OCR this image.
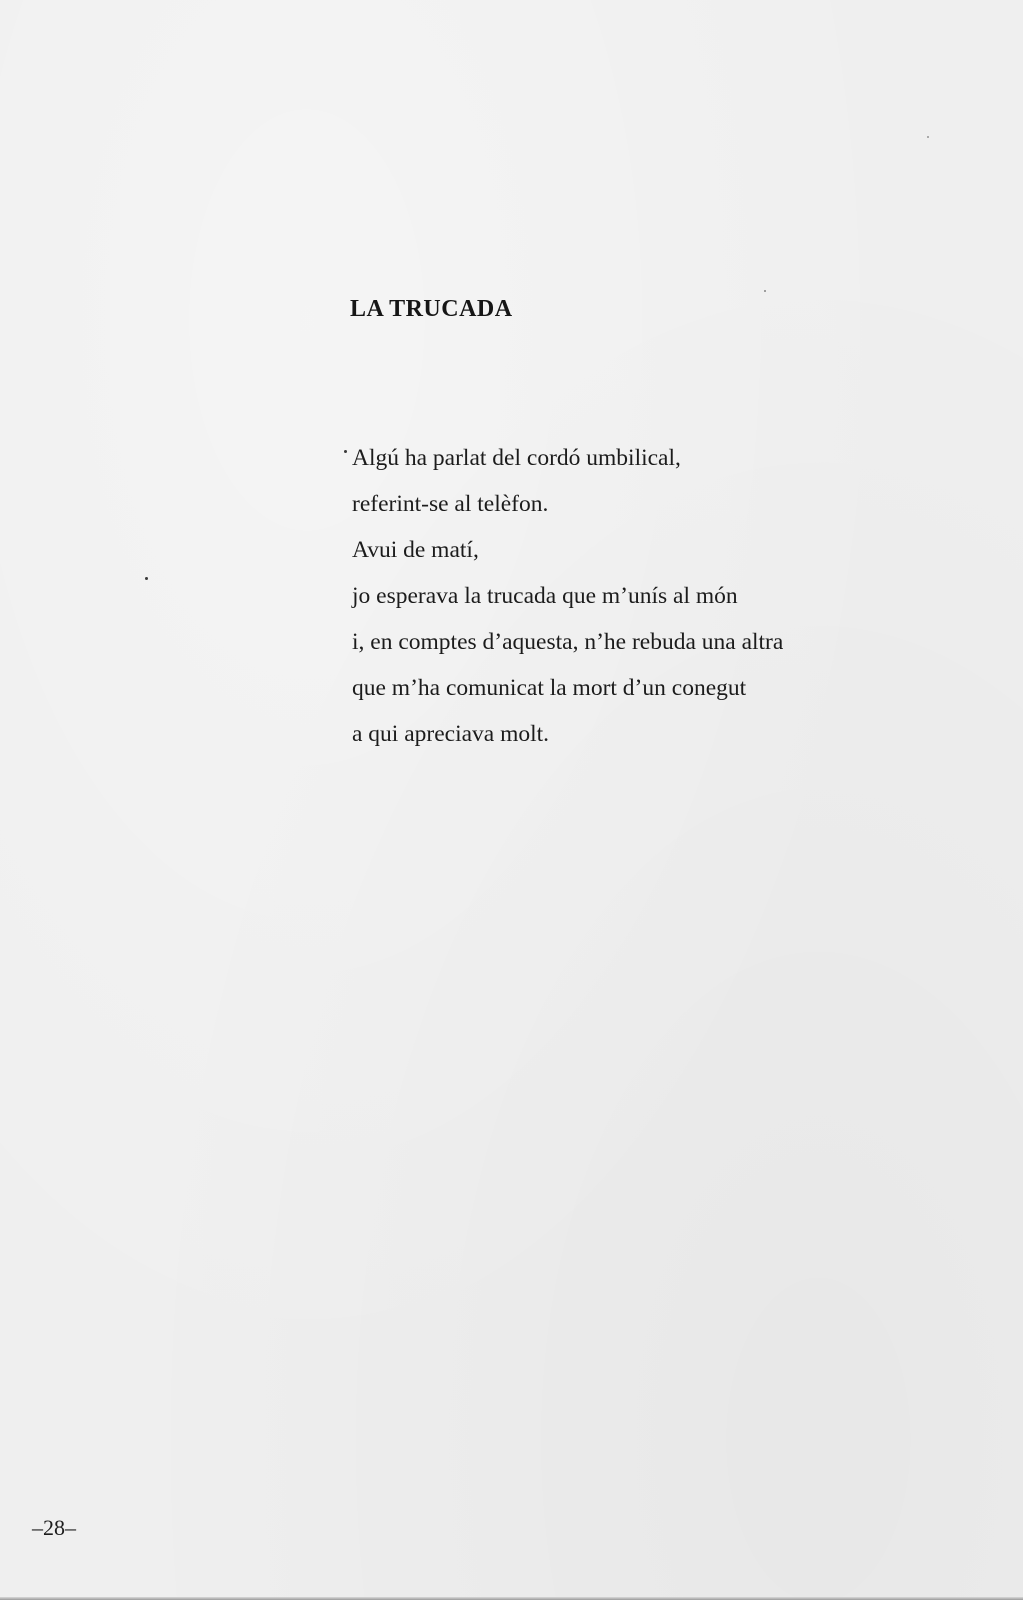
LA TRUCADA
Algú ha parlat del cordó umbilical,
referint-se al telèfon.
Avui de matí,
jo esperava la trucada que m’unís al món
i, en comptes d’aquesta, n’he rebuda una altra
que m’ha comunicat la mort d’un conegut
a qui apreciava molt.
–28–
